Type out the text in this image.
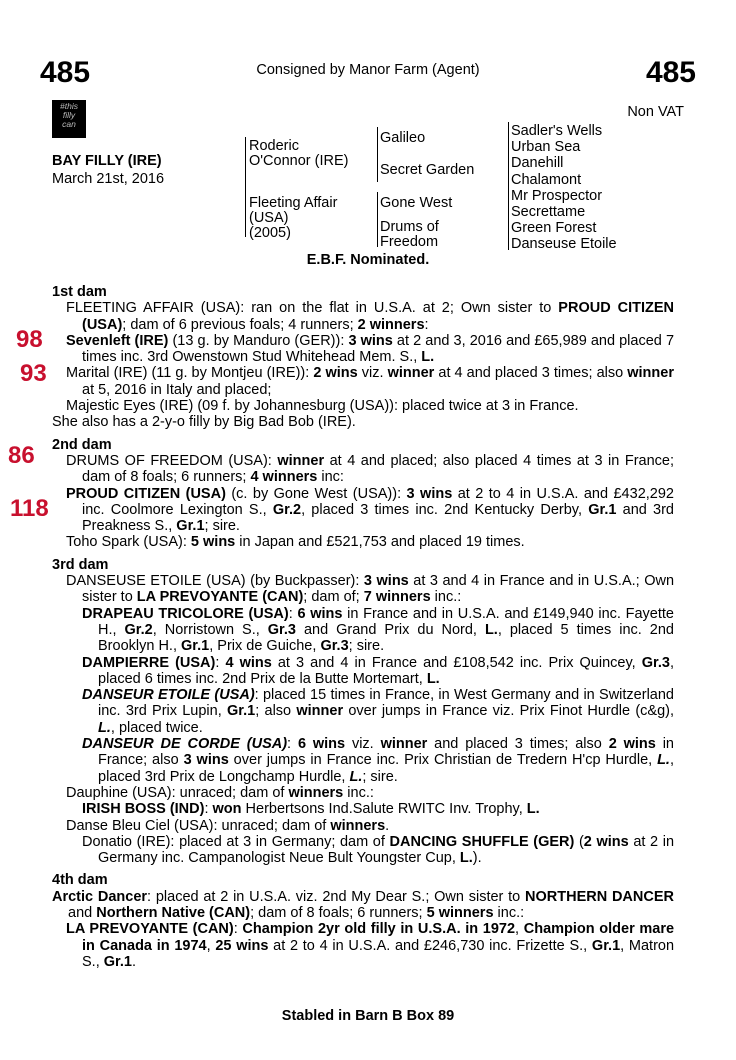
485	Consigned by Manor Farm (Agent)	485
Non VAT
#this
filly
can
BAY FILLY (IRE)
March 21st, 2016
Roderic
O'Connor (IRE)
Fleeting Affair
(USA)
(2005)
Galileo
Secret Garden
Gone West
Drums of
Freedom
Sadler's Wells
Urban Sea
Danehill
Chalamont
Mr Prospector
Secrettame
Green Forest
Danseuse Etoile
E.B.F. Nominated.
98
93
86
118

1st dam

FLEETING AFFAIR (USA): ran on the flat in U.S.A. at 2; Own sister to PROUD CITIZEN (USA); dam of 6 previous foals; 4 runners; 2 winners:

Sevenleft (IRE) (13 g. by Manduro (GER)): 3 wins at 2 and 3, 2016 and £65,989 and placed 7 times inc. 3rd Owenstown Stud Whitehead Mem. S., L.

Marital (IRE) (11 g. by Montjeu (IRE)): 2 wins viz. winner at 4 and placed 3 times; also winner at 5, 2016 in Italy and placed;

Majestic Eyes (IRE) (09 f. by Johannesburg (USA)): placed twice at 3 in France.

She also has a 2-y-o filly by Big Bad Bob (IRE).

2nd dam

DRUMS OF FREEDOM (USA): winner at 4 and placed; also placed 4 times at 3 in France; dam of 8 foals; 6 runners; 4 winners inc:

PROUD CITIZEN (USA) (c. by Gone West (USA)): 3 wins at 2 to 4 in U.S.A. and £432,292 inc. Coolmore Lexington S., Gr.2, placed 3 times inc. 2nd Kentucky Derby, Gr.1 and 3rd Preakness S., Gr.1; sire.

Toho Spark (USA): 5 wins in Japan and £521,753 and placed 19 times.

3rd dam

DANSEUSE ETOILE (USA) (by Buckpasser): 3 wins at 3 and 4 in France and in U.S.A.; Own sister to LA PREVOYANTE (CAN); dam of; 7 winners inc.:

DRAPEAU TRICOLORE (USA): 6 wins in France and in U.S.A. and £149,940 inc. Fayette H., Gr.2, Norristown S., Gr.3 and Grand Prix du Nord, L., placed 5 times inc. 2nd Brooklyn H., Gr.1, Prix de Guiche, Gr.3; sire.

DAMPIERRE (USA): 4 wins at 3 and 4 in France and £108,542 inc. Prix Quincey, Gr.3, placed 6 times inc. 2nd Prix de la Butte Mortemart, L.

DANSEUR ETOILE (USA): placed 15 times in France, in West Germany and in Switzerland inc. 3rd Prix Lupin, Gr.1; also winner over jumps in France viz. Prix Finot Hurdle (c&g), L., placed twice.

DANSEUR DE CORDE (USA): 6 wins viz. winner and placed 3 times; also 2 wins in France; also 3 wins over jumps in France inc. Prix Christian de Tredern H'cp Hurdle, L., placed 3rd Prix de Longchamp Hurdle, L.; sire.

Dauphine (USA): unraced; dam of winners inc.:

IRISH BOSS (IND): won Herbertsons Ind.Salute RWITC Inv. Trophy, L.

Danse Bleu Ciel (USA): unraced; dam of winners.

Donatio (IRE): placed at 3 in Germany; dam of DANCING SHUFFLE (GER) (2 wins at 2 in Germany inc. Campanologist Neue Bult Youngster Cup, L.).

4th dam

Arctic Dancer: placed at 2 in U.S.A. viz. 2nd My Dear S.; Own sister to NORTHERN DANCER and Northern Native (CAN); dam of 8 foals; 6 runners; 5 winners inc.:

LA PREVOYANTE (CAN): Champion 2yr old filly in U.S.A. in 1972, Champion older mare in Canada in 1974, 25 wins at 2 to 4 in U.S.A. and £246,730 inc. Frizette S., Gr.1, Matron S., Gr.1.

Stabled in Barn B Box 89
